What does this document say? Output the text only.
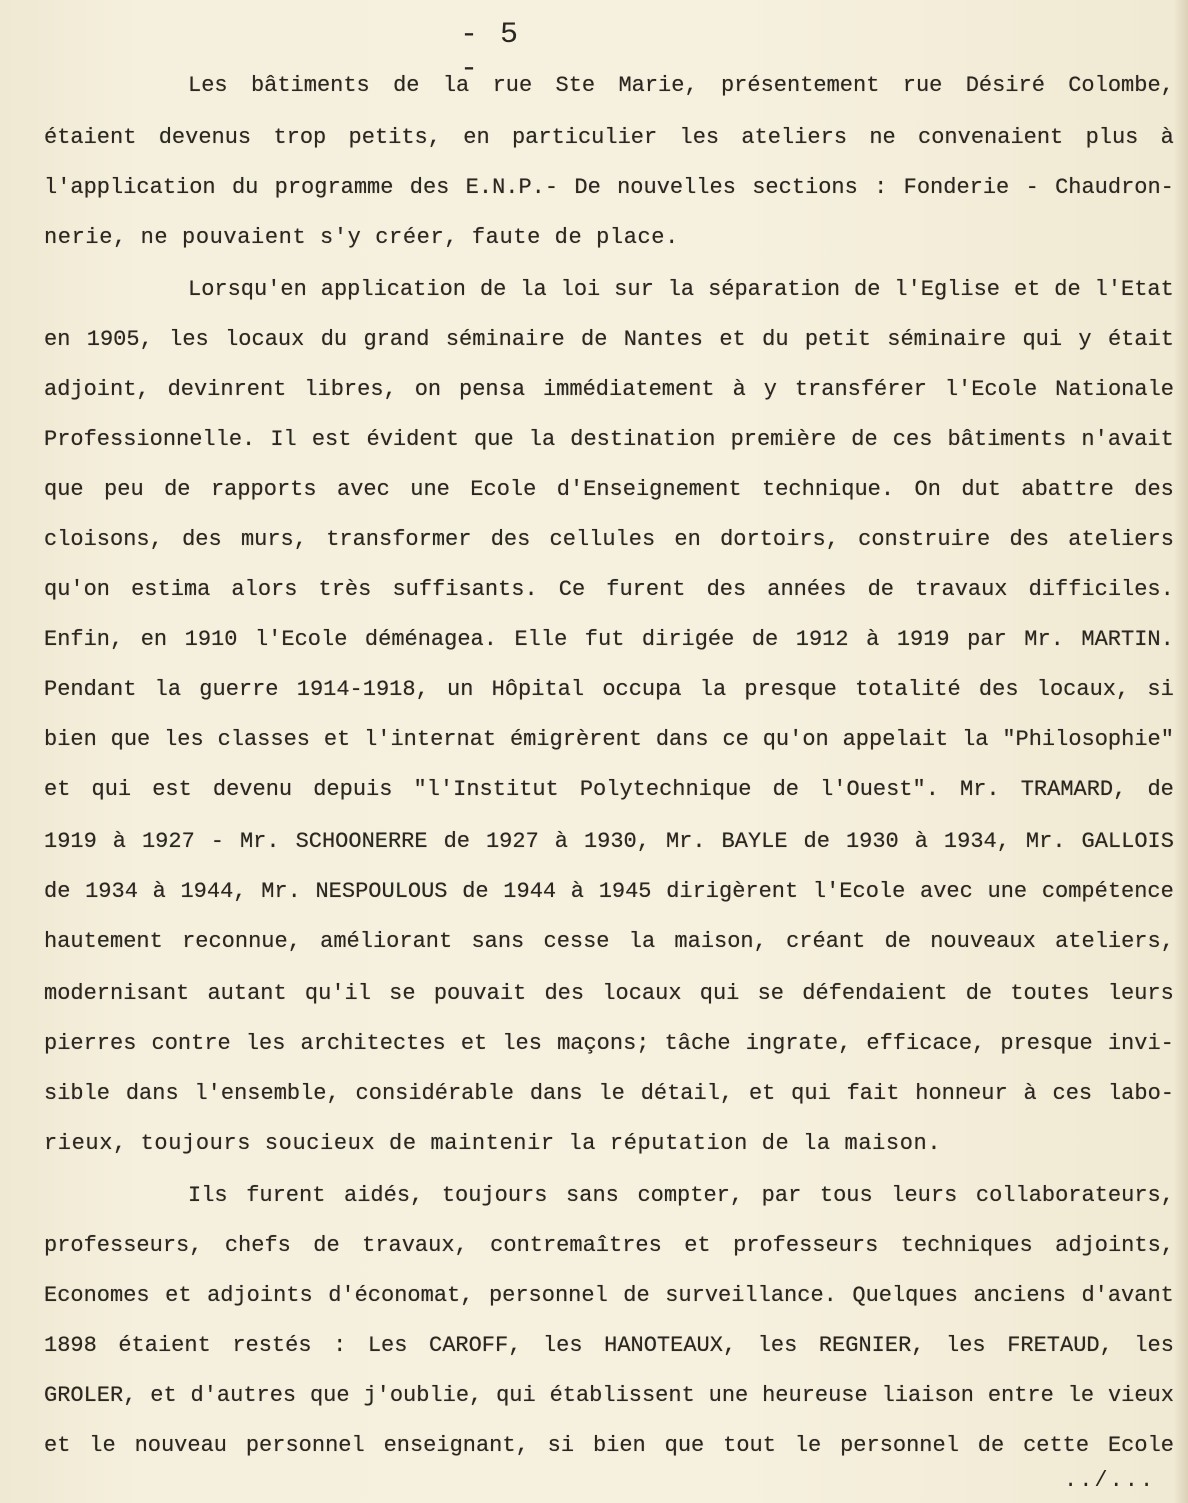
- 5 -
Les bâtiments de la rue Ste Marie, présentement rue Désiré Colombe,
étaient devenus trop petits, en particulier les ateliers ne convenaient plus à
l'application du programme des E.N.P.- De nouvelles sections : Fonderie - Chaudron-
nerie, ne pouvaient s'y créer, faute de place.
Lorsqu'en application de la loi sur la séparation de l'Eglise et de l'Etat
en 1905, les locaux du grand séminaire de Nantes et du petit séminaire qui y était
adjoint, devinrent libres, on pensa immédiatement à y transférer l'Ecole Nationale
Professionnelle. Il est évident que la destination première de ces bâtiments n'avait
que peu de rapports avec une Ecole d'Enseignement technique. On dut abattre des
cloisons, des murs, transformer des cellules en dortoirs, construire des ateliers
qu'on estima alors très suffisants. Ce furent des années de travaux difficiles.
Enfin, en 1910 l'Ecole déménagea. Elle fut dirigée de 1912 à 1919 par Mr. MARTIN.
Pendant la guerre 1914-1918, un Hôpital occupa la presque totalité des locaux, si
bien que les classes et l'internat émigrèrent dans ce qu'on appelait la "Philosophie"
et qui est devenu depuis "l'Institut Polytechnique de l'Ouest". Mr. TRAMARD, de
1919 à 1927 - Mr. SCHOONERRE de 1927 à 1930, Mr. BAYLE de 1930 à 1934, Mr. GALLOIS
de 1934 à 1944, Mr. NESPOULOUS de 1944 à 1945 dirigèrent l'Ecole avec une compétence
hautement reconnue, améliorant sans cesse la maison, créant de nouveaux ateliers,
modernisant autant qu'il se pouvait des locaux qui se défendaient de toutes leurs
pierres contre les architectes et les maçons; tâche ingrate, efficace, presque invi-
sible dans l'ensemble, considérable dans le détail, et qui fait honneur à ces labo-
rieux, toujours soucieux de maintenir la réputation de la maison.
Ils furent aidés, toujours sans compter, par tous leurs collaborateurs,
professeurs, chefs de travaux, contremaîtres et professeurs techniques adjoints,
Economes et adjoints d'économat, personnel de surveillance. Quelques anciens d'avant
1898 étaient restés : Les CAROFF, les HANOTEAUX, les REGNIER, les FRETAUD, les
GROLER, et d'autres que j'oublie, qui établissent une heureuse liaison entre le vieux
et le nouveau personnel enseignant, si bien que tout le personnel de cette Ecole
../...
